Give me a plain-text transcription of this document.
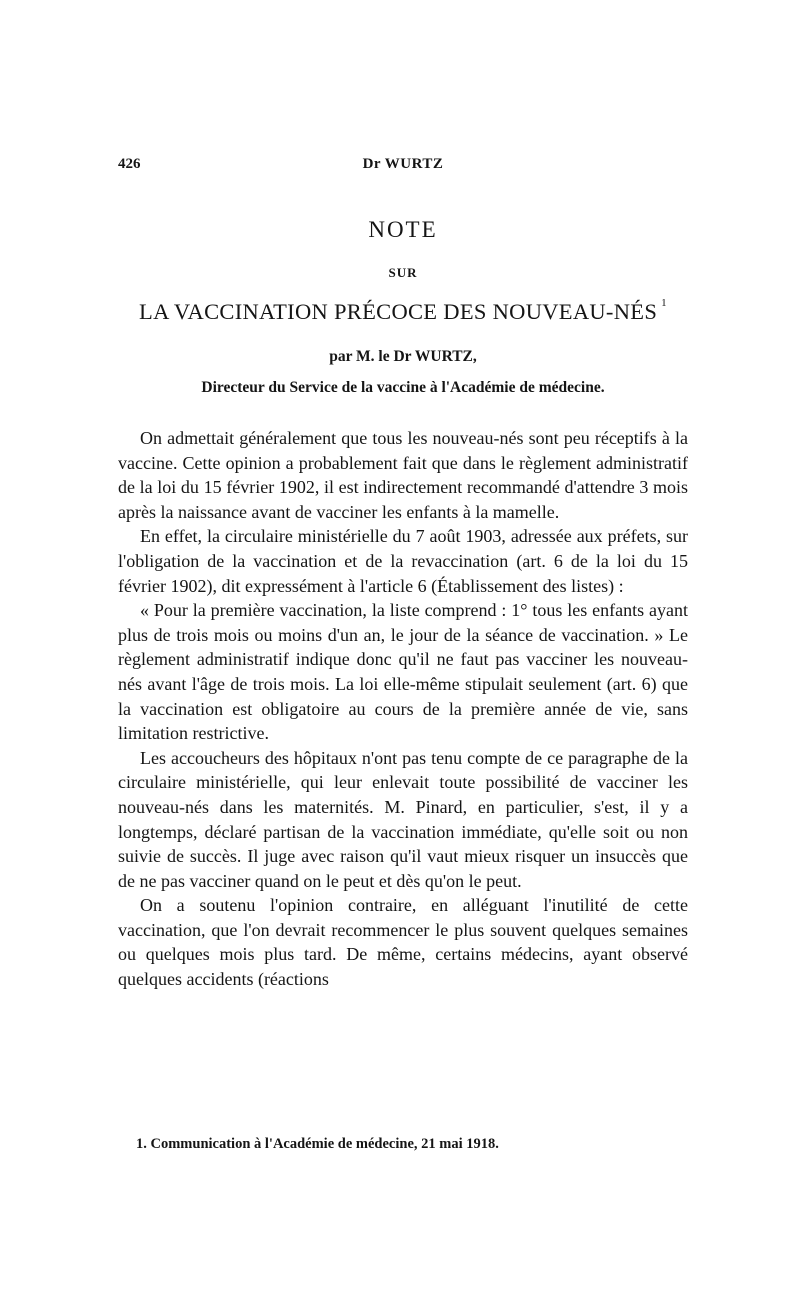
426	Dr WURTZ
NOTE
SUR
LA VACCINATION PRÉCOCE DES NOUVEAU-NÉS $^1$
par M. le Dr WURTZ,
Directeur du Service de la vaccine à l'Académie de médecine.

On admettait généralement que tous les nouveau-nés sont peu réceptifs à la vaccine. Cette opinion a probablement fait que dans le règlement administratif de la loi du 15 février 1902, il est indirectement recommandé d'attendre 3 mois après la naissance avant de vacciner les enfants à la mamelle.

En effet, la circulaire ministérielle du 7 août 1903, adressée aux préfets, sur l'obligation de la vaccination et de la revaccination (art. 6 de la loi du 15 février 1902), dit expressément à l'article 6 (Établissement des listes) :

« Pour la première vaccination, la liste comprend : 1° tous les enfants ayant plus de trois mois ou moins d'un an, le jour de la séance de vaccination. » Le règlement administratif indique donc qu'il ne faut pas vacciner les nouveau-nés avant l'âge de trois mois. La loi elle-même stipulait seulement (art. 6) que la vaccination est obligatoire au cours de la première année de vie, sans limitation restrictive.

Les accoucheurs des hôpitaux n'ont pas tenu compte de ce paragraphe de la circulaire ministérielle, qui leur enlevait toute possibilité de vacciner les nouveau-nés dans les maternités. M. Pinard, en particulier, s'est, il y a longtemps, déclaré partisan de la vaccination immédiate, qu'elle soit ou non suivie de succès. Il juge avec raison qu'il vaut mieux risquer un insuccès que de ne pas vacciner quand on le peut et dès qu'on le peut.

On a soutenu l'opinion contraire, en alléguant l'inutilité de cette vaccination, que l'on devrait recommencer le plus souvent quelques semaines ou quelques mois plus tard. De même, certains médecins, ayant observé quelques accidents (réactions

1. Communication à l'Académie de médecine, 21 mai 1918.
